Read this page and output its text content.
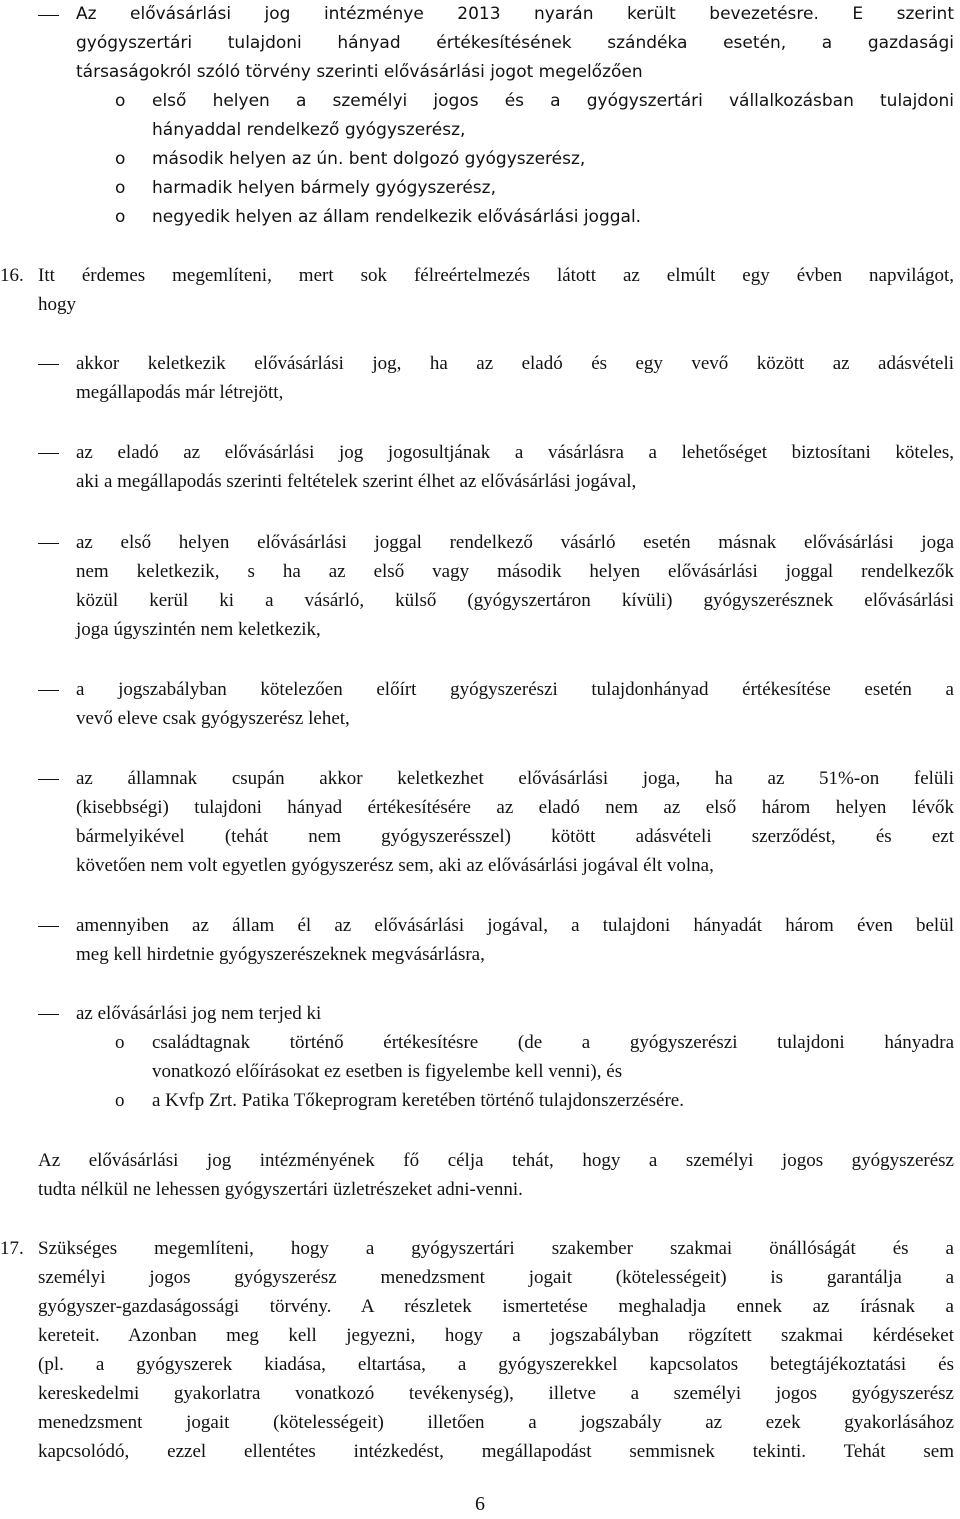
Az elővásárlási jog intézménye 2013 nyarán került bevezetésre. E szerint
gyógyszertári tulajdoni hányad értékesítésének szándéka esetén, a gazdasági
társaságokról szóló törvény szerinti elővásárlási jogot megelőzően
o első helyen a személyi jogos és a gyógyszertári vállalkozásban tulajdoni
hányaddal rendelkező gyógyszerész,
o második helyen az ún. bent dolgozó gyógyszerész,
o harmadik helyen bármely gyógyszerész,
o negyedik helyen az állam rendelkezik elővásárlási joggal.
16. Itt érdemes megemlíteni, mert sok félreértelmezés látott az elmúlt egy évben napvilágot,
hogy
akkor keletkezik elővásárlási jog, ha az eladó és egy vevő között az adásvételi
megállapodás már létrejött,
az eladó az elővásárlási jog jogosultjának a vásárlásra a lehetőséget biztosítani köteles,
aki a megállapodás szerinti feltételek szerint élhet az elővásárlási jogával,
az első helyen elővásárlási joggal rendelkező vásárló esetén másnak elővásárlási joga
nem keletkezik, s ha az első vagy második helyen elővásárlási joggal rendelkezők
közül kerül ki a vásárló, külső (gyógyszertáron kívüli) gyógyszerésznek elővásárlási
joga úgyszintén nem keletkezik,
a jogszabályban kötelezően előírt gyógyszerészi tulajdonhányad értékesítése esetén a
vevő eleve csak gyógyszerész lehet,
az államnak csupán akkor keletkezhet elővásárlási joga, ha az 51%-on felüli
(kisebbségi) tulajdoni hányad értékesítésére az eladó nem az első három helyen lévők
bármelyikével (tehát nem gyógyszerésszel) kötött adásvételi szerződést, és ezt
követően nem volt egyetlen gyógyszerész sem, aki az elővásárlási jogával élt volna,
amennyiben az állam él az elővásárlási jogával, a tulajdoni hányadát három éven belül
meg kell hirdetnie gyógyszerészeknek megvásárlásra,
az elővásárlási jog nem terjed ki
o családtagnak történő értékesítésre (de a gyógyszerészi tulajdoni hányadra
vonatkozó előírásokat ez esetben is figyelembe kell venni), és
o a Kvfp Zrt. Patika Tőkeprogram keretében történő tulajdonszerzésére.
Az elővásárlási jog intézményének fő célja tehát, hogy a személyi jogos gyógyszerész
tudta nélkül ne lehessen gyógyszertári üzletrészeket adni-venni.
17. Szükséges megemlíteni, hogy a gyógyszertári szakember szakmai önállóságát és a
személyi jogos gyógyszerész menedzsment jogait (kötelességeit) is garantálja a
gyógyszer-gazdaságossági törvény. A részletek ismertetése meghaladja ennek az írásnak a
kereteit. Azonban meg kell jegyezni, hogy a jogszabályban rögzített szakmai kérdéseket
(pl. a gyógyszerek kiadása, eltartása, a gyógyszerekkel kapcsolatos betegtájékoztatási és
kereskedelmi gyakorlatra vonatkozó tevékenység), illetve a személyi jogos gyógyszerész
menedzsment jogait (kötelességeit) illetően a jogszabály az ezek gyakorlásához
kapcsolódó, ezzel ellentétes intézkedést, megállapodást semmisnek tekinti. Tehát sem
6
